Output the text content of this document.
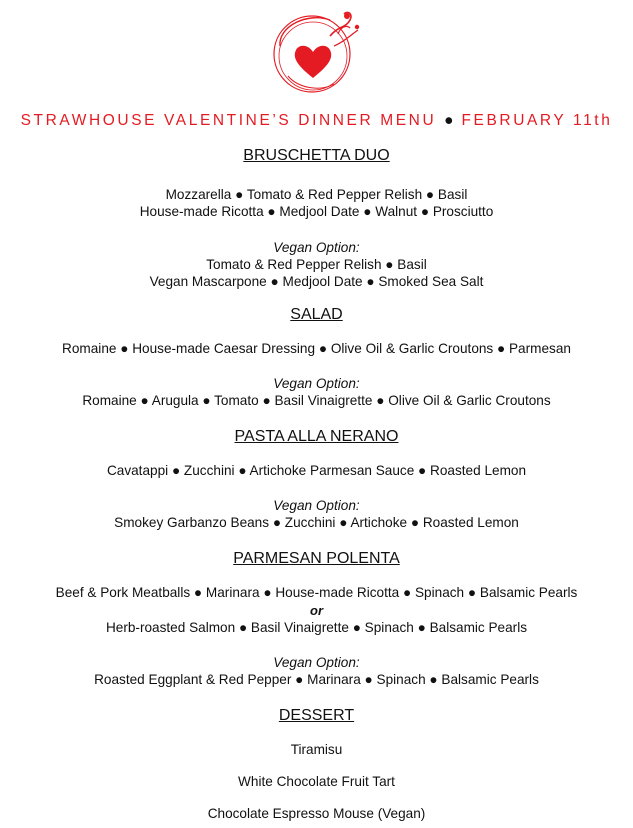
STRAWHOUSE VALENTINE’S DINNER MENU ● FEBRUARY 11th
BRUSCHETTA DUO
Mozzarella ● Tomato & Red Pepper Relish ● Basil
House-made Ricotta ● Medjool Date ● Walnut ● Prosciutto
Vegan Option:
Tomato & Red Pepper Relish ● Basil
Vegan Mascarpone ● Medjool Date ● Smoked Sea Salt
SALAD
Romaine ● House-made Caesar Dressing ● Olive Oil & Garlic Croutons ● Parmesan
Vegan Option:
Romaine ● Arugula ● Tomato ● Basil Vinaigrette ● Olive Oil & Garlic Croutons
PASTA ALLA NERANO
Cavatappi ● Zucchini ● Artichoke Parmesan Sauce ● Roasted Lemon
Vegan Option:
Smokey Garbanzo Beans ● Zucchini ● Artichoke ● Roasted Lemon
PARMESAN POLENTA
Beef & Pork Meatballs ● Marinara ● House-made Ricotta ● Spinach ● Balsamic Pearls
or
Herb-roasted Salmon ● Basil Vinaigrette ● Spinach ● Balsamic Pearls
Vegan Option:
Roasted Eggplant & Red Pepper ● Marinara ● Spinach ● Balsamic Pearls
DESSERT
Tiramisu
White Chocolate Fruit Tart
Chocolate Espresso Mouse (Vegan)
